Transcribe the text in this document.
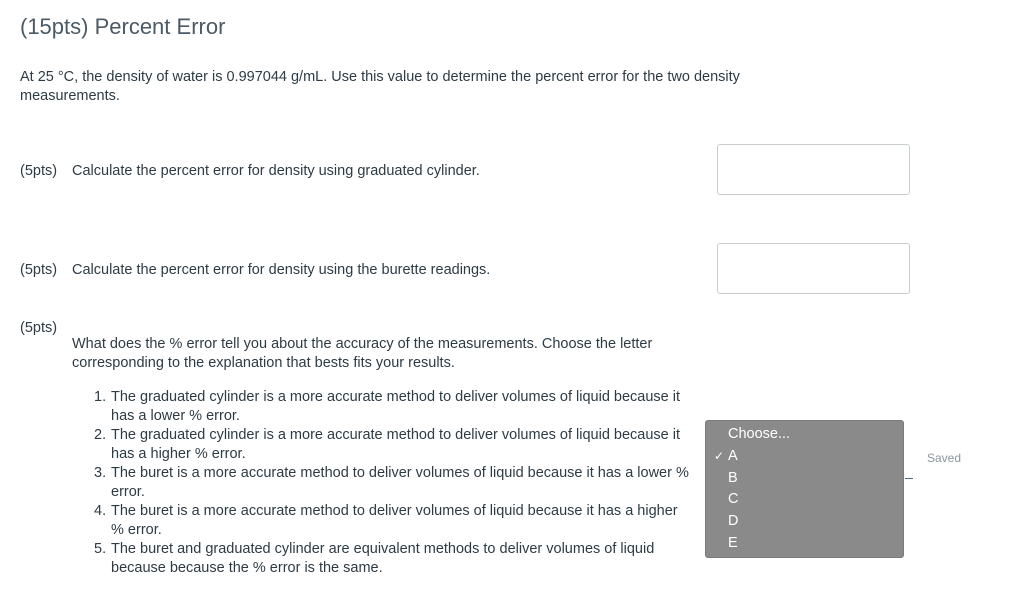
(15pts) Percent Error
At 25 °C, the density of water is 0.997044 g/mL. Use this value to determine the percent error for the two density measurements.
(5pts) Calculate the percent error for density using graduated cylinder.
(5pts) Calculate the percent error for density using the burette readings.
(5pts)
What does the % error tell you about the accuracy of the measurements. Choose the letter corresponding to the explanation that bests fits your results.
1. The graduated cylinder is a more accurate method to deliver volumes of liquid because it has a lower % error.
2. The graduated cylinder is a more accurate method to deliver volumes of liquid because it has a higher % error.
3. The buret is a more accurate method to deliver volumes of liquid because it has a lower % error.
4. The buret is a more accurate method to deliver volumes of liquid because it has a higher % error.
5. The buret and graduated cylinder are equivalent methods to deliver volumes of liquid because because the % error is the same.
Choose...
✓ A
B
C
D
E
Saved
